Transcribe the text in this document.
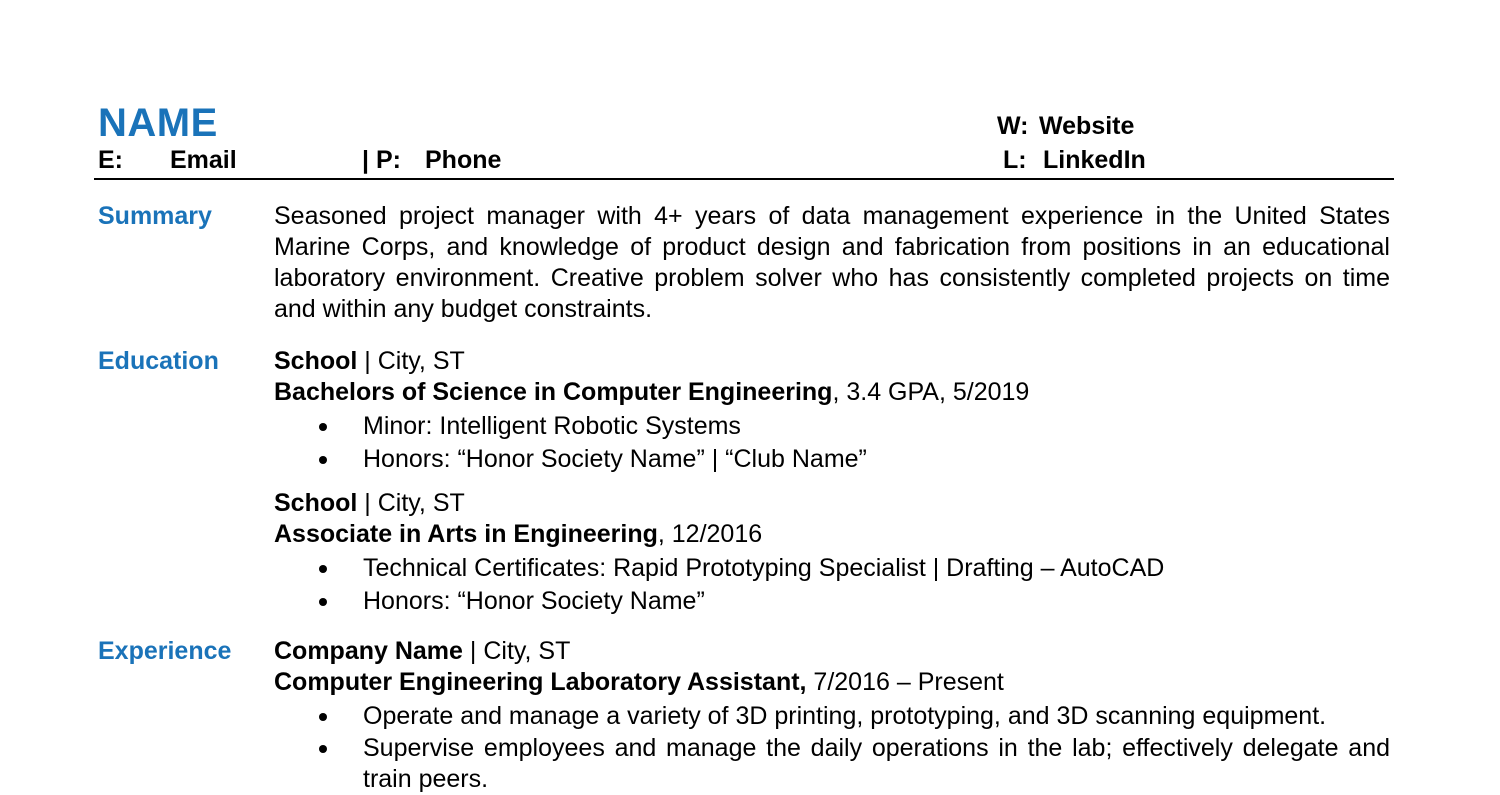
NAME
E: Email	| P: Phone
W: Website
L: LinkedIn
Summary Seasoned project manager with 4+ years of data management experience in the United States Marine Corps, and knowledge of product design and fabrication from positions in an educational laboratory environment. Creative problem solver who has consistently completed projects on time and within any budget constraints.
Education School | City, ST
Bachelors of Science in Computer Engineering, 3.4 GPA, 5/2019
Minor: Intelligent Robotic Systems
Honors: “Honor Society Name” | “Club Name”
School | City, ST
Associate in Arts in Engineering, 12/2016
Technical Certificates: Rapid Prototyping Specialist | Drafting – AutoCAD
Honors: “Honor Society Name”
Experience Company Name | City, ST
Computer Engineering Laboratory Assistant, 7/2016 – Present
Operate and manage a variety of 3D printing, prototyping, and 3D scanning equipment.
Supervise employees and manage the daily operations in the lab; effectively delegate and train peers.
